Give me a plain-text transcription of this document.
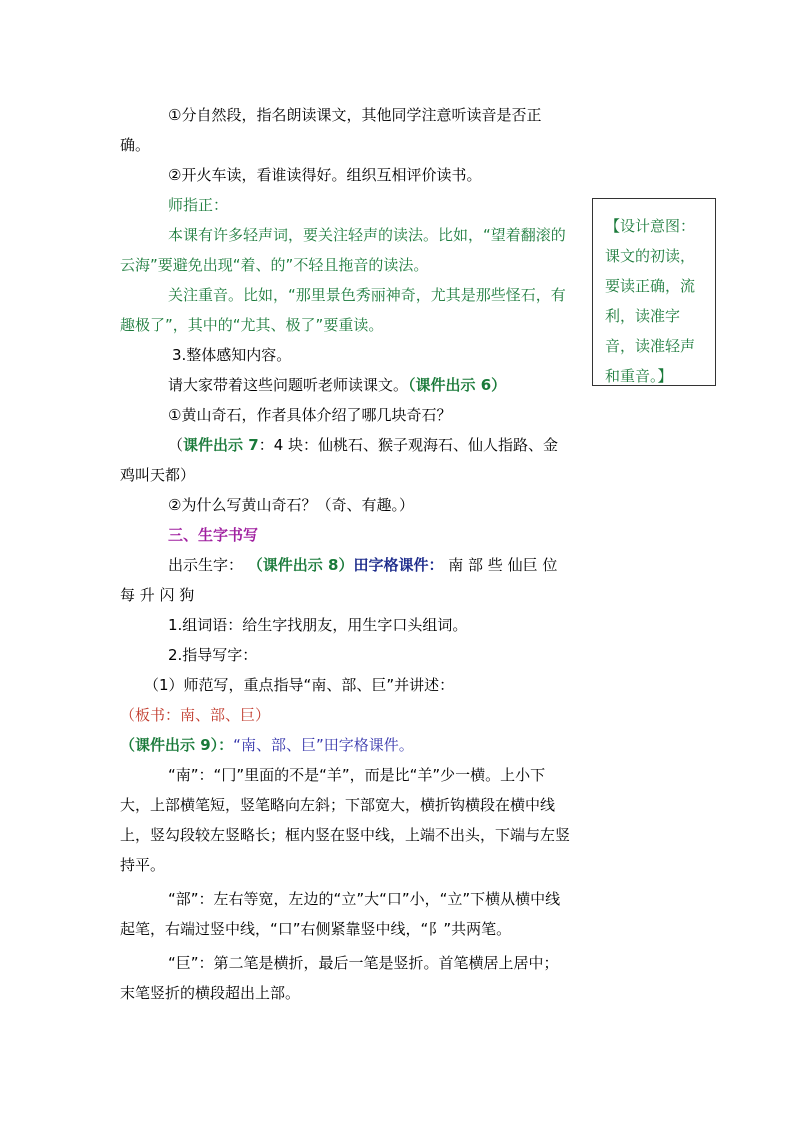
①分自然段，指名朗读课文，其他同学注意听读音是否正确。

②开火车读，看谁读得好。组织互相评价读书。

师指正：

本课有许多轻声词，要关注轻声的读法。比如，“望着翻滚的云海”要避免出现“着、的”不轻且拖音的读法。

关注重音。比如，“那里景色秀丽神奇，尤其是那些怪石，有趣极了”，其中的“尤其、极了”要重读。

3.整体感知内容。

请大家带着这些问题听老师读课文。（课件出示 6）

①黄山奇石，作者具体介绍了哪几块奇石？

（课件出示 7：4 块：仙桃石、猴子观海石、仙人指路、金鸡叫天都）

②为什么写黄山奇石？（奇、有趣。）

三、生字书写

出示生字： （课件出示 8）田字格课件： 南 部 些 仙巨 位 每 升 闪 狗

1.组词语：给生字找朋友，用生字口头组词。

2.指导写字：

（1）师范写，重点指导“南、部、巨”并讲述：

（板书：南、部、巨）

（课件出示 9）：“南、部、巨”田字格课件。

“南”：“冂”里面的不是“羊”，而是比“羊”少一横。上小下大，上部横笔短，竖笔略向左斜；下部宽大，横折钩横段在横中线上，竖勾段较左竖略长；框内竖在竖中线，上端不出头，下端与左竖持平。

“部”：左右等宽，左边的“立”大“口”小，“立”下横从横中线起笔，右端过竖中线，“口”右侧紧靠竖中线，“阝”共两笔。

“巨”：第二笔是横折，最后一笔是竖折。首笔横居上居中；末笔竖折的横段超出上部。

【设计意图：课文的初读，要读正确，流利，读准字音，读准轻声和重音。】
